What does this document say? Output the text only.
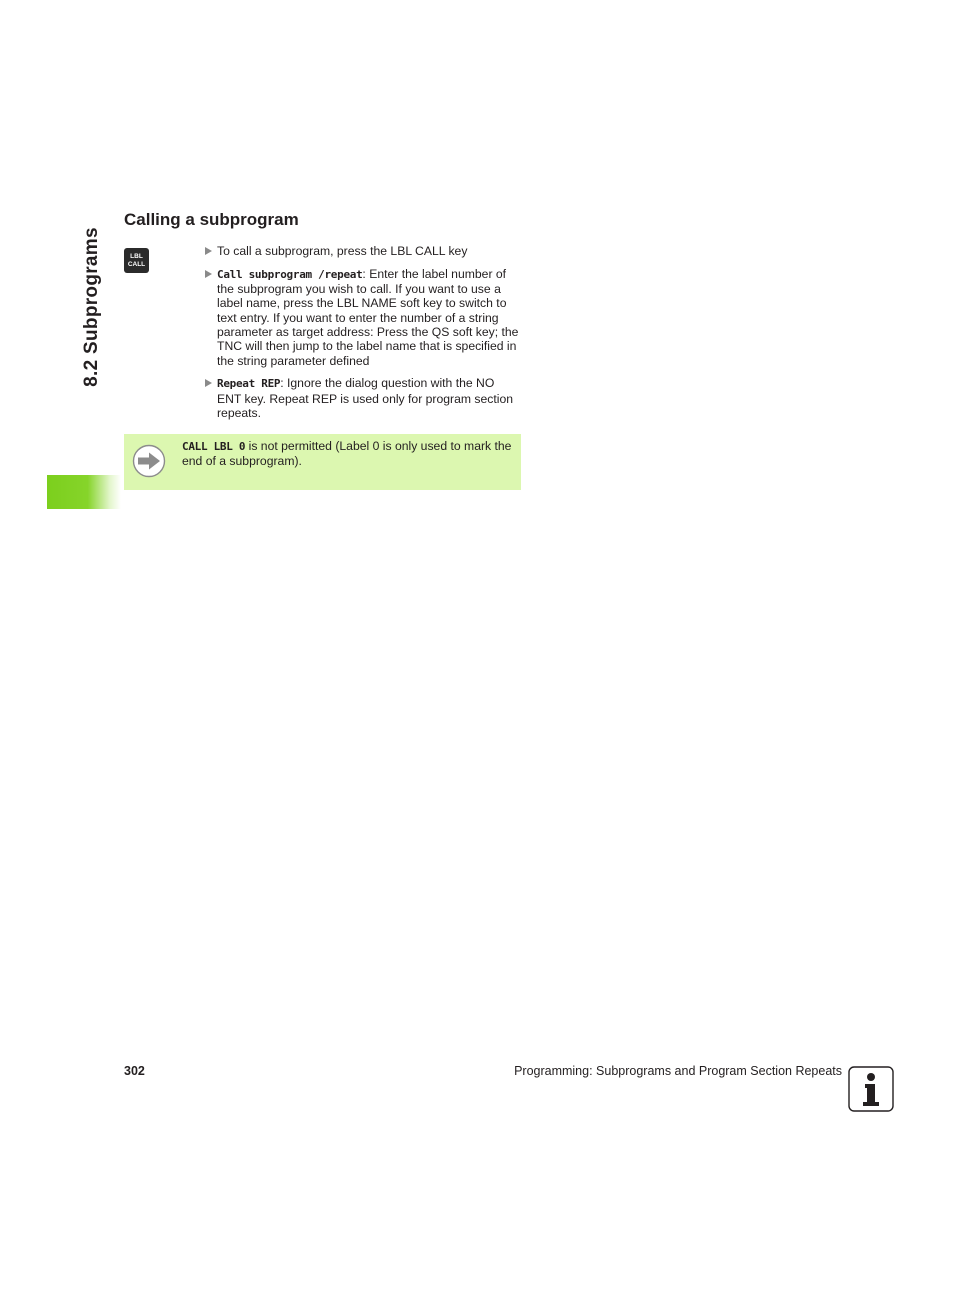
8.2 Subprograms
Calling a subprogram
LBL
CALL
To call a subprogram, press the LBL CALL key
Call subprogram /repeat: Enter the label number of the subprogram you wish to call. If you want to use a label name, press the LBL NAME soft key to switch to text entry. If you want to enter the number of a string parameter as target address: Press the QS soft key; the TNC will then jump to the label name that is specified in the string parameter defined
Repeat REP: Ignore the dialog question with the NO ENT key. Repeat REP is used only for program section repeats.
CALL LBL 0 is not permitted (Label 0 is only used to mark the end of a subprogram).
302	Programming: Subprograms and Program Section Repeats
